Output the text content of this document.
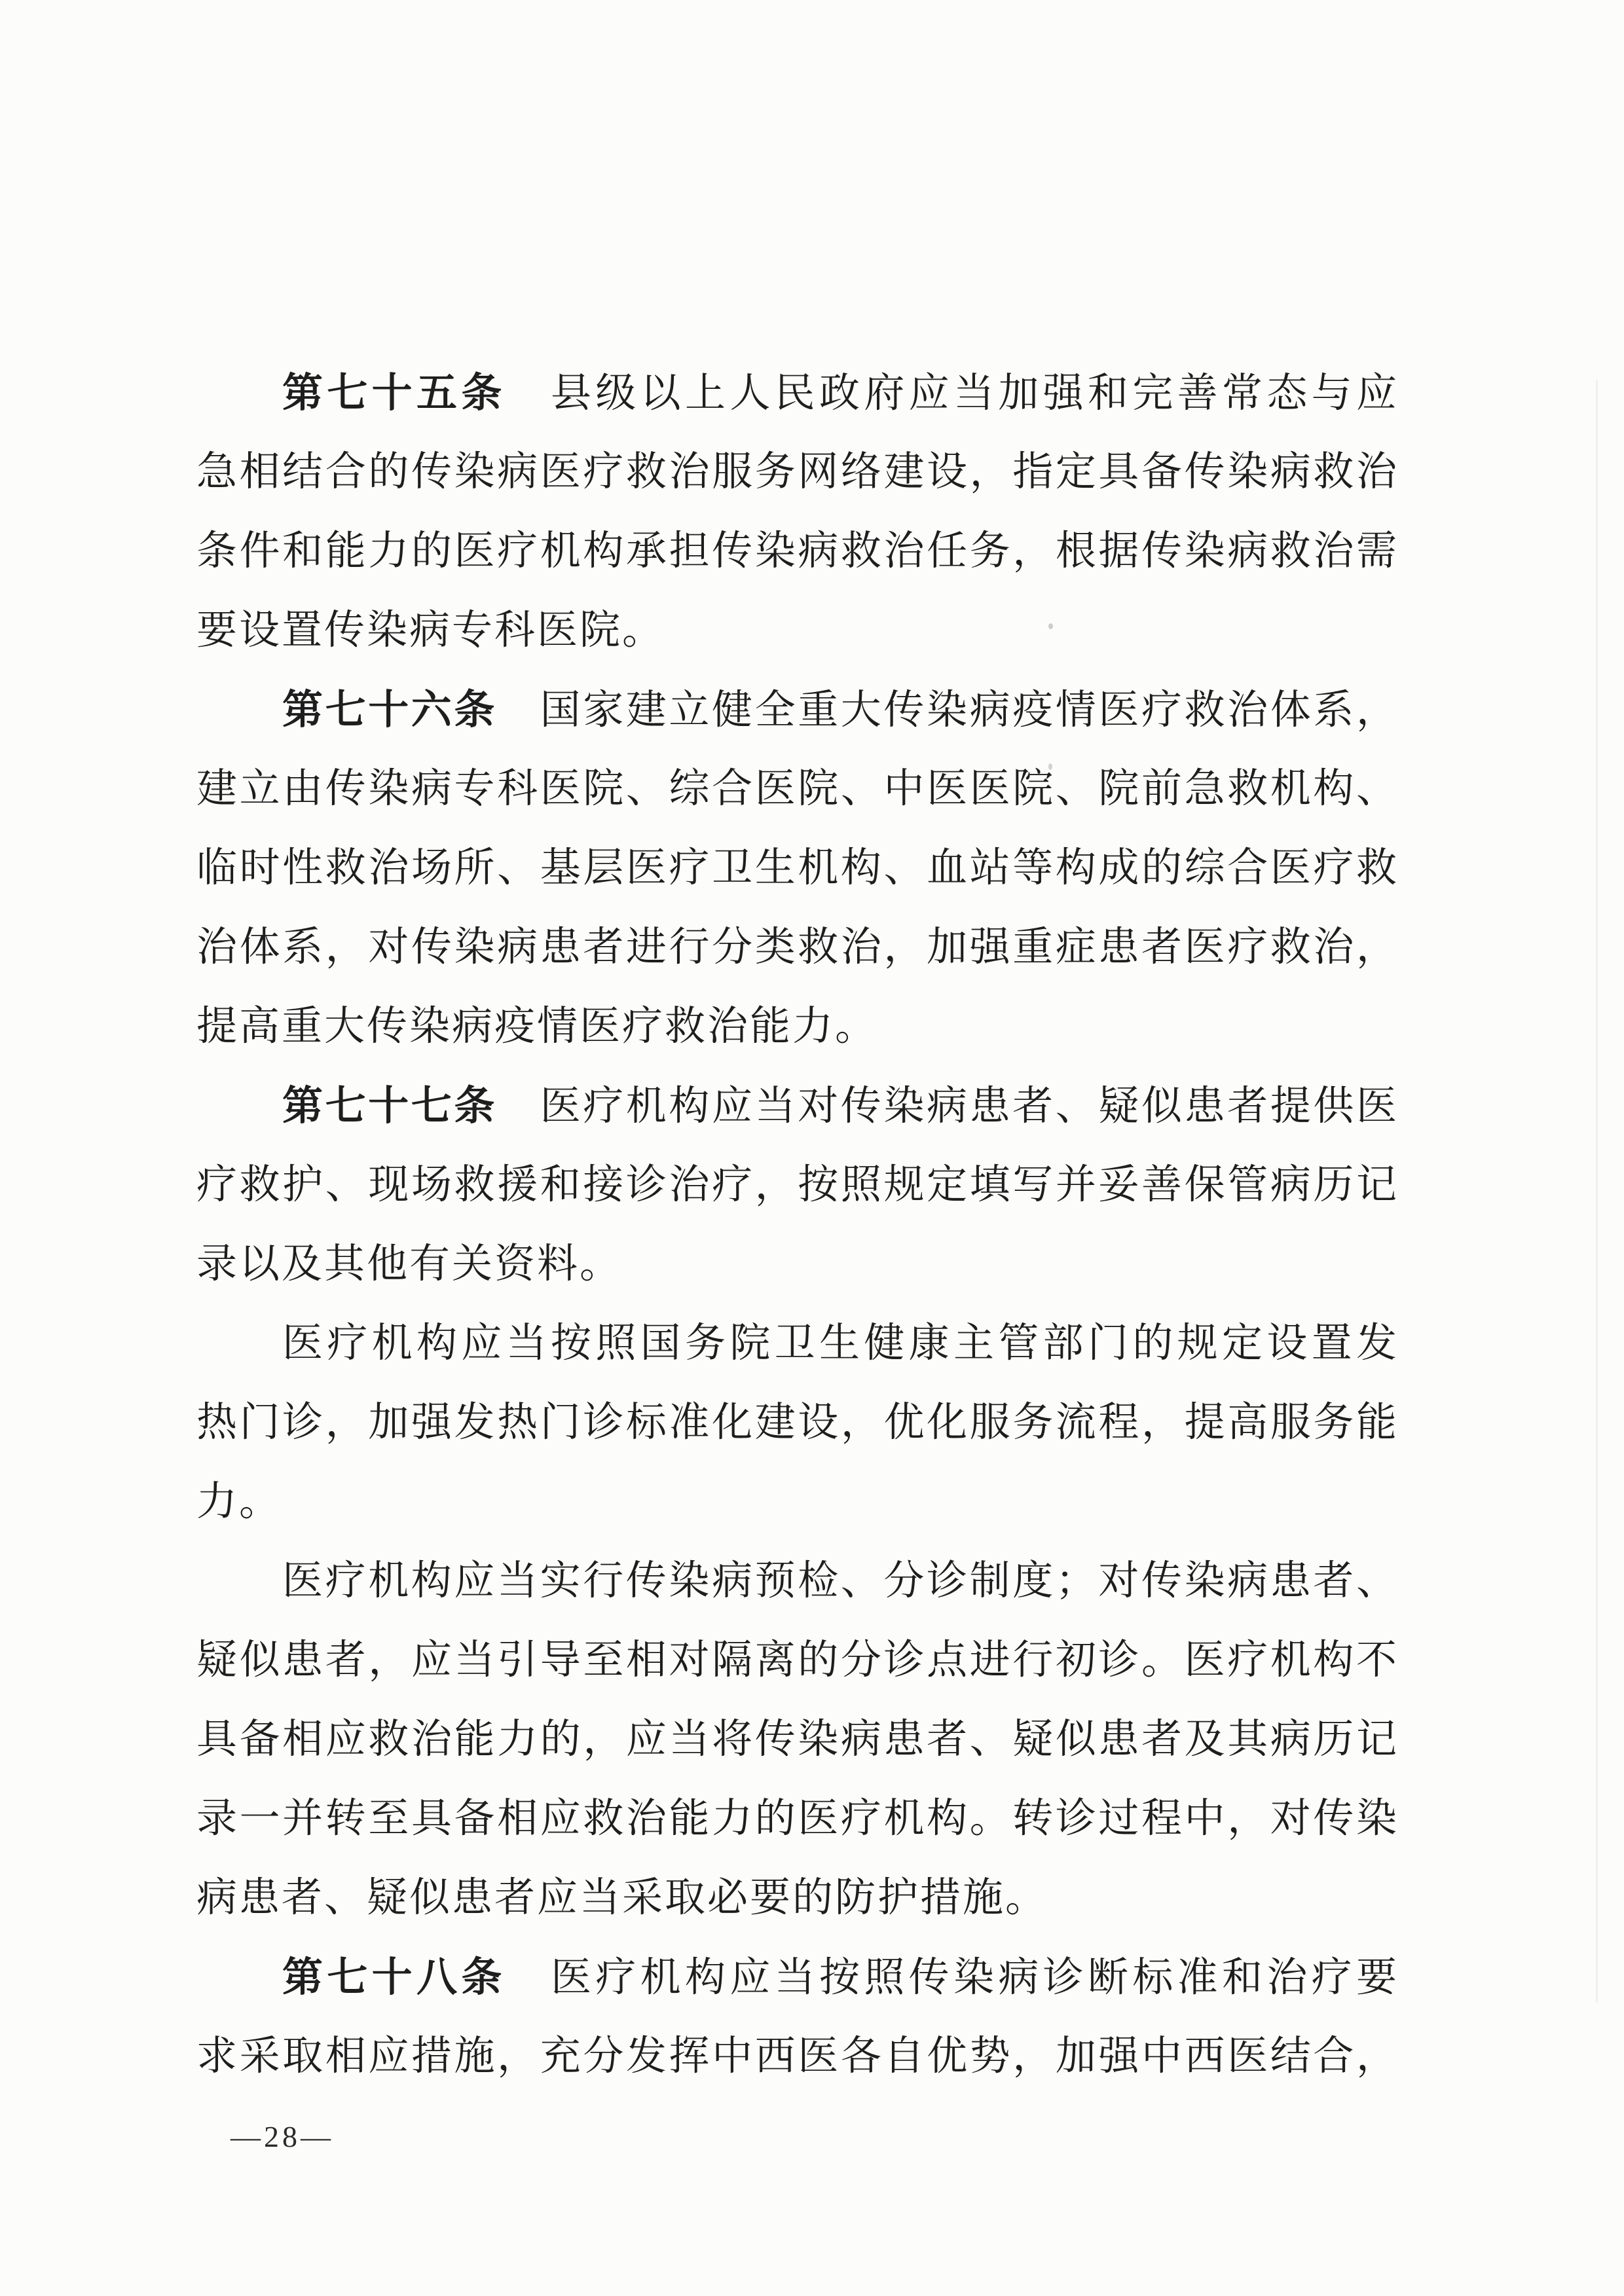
第七十五条　县级以上人民政府应当加强和完善常态与应
急相结合的传染病医疗救治服务网络建设，指定具备传染病救治
条件和能力的医疗机构承担传染病救治任务，根据传染病救治需
要设置传染病专科医院。
第七十六条　国家建立健全重大传染病疫情医疗救治体系，
建立由传染病专科医院、综合医院、中医医院、院前急救机构、
临时性救治场所、基层医疗卫生机构、血站等构成的综合医疗救
治体系，对传染病患者进行分类救治，加强重症患者医疗救治，
提高重大传染病疫情医疗救治能力。
第七十七条　医疗机构应当对传染病患者、疑似患者提供医
疗救护、现场救援和接诊治疗，按照规定填写并妥善保管病历记
录以及其他有关资料。
医疗机构应当按照国务院卫生健康主管部门的规定设置发
热门诊，加强发热门诊标准化建设，优化服务流程，提高服务能
力。
医疗机构应当实行传染病预检、分诊制度；对传染病患者、
疑似患者，应当引导至相对隔离的分诊点进行初诊。医疗机构不
具备相应救治能力的，应当将传染病患者、疑似患者及其病历记
录一并转至具备相应救治能力的医疗机构。转诊过程中，对传染
病患者、疑似患者应当采取必要的防护措施。
第七十八条　医疗机构应当按照传染病诊断标准和治疗要
求采取相应措施，充分发挥中西医各自优势，加强中西医结合，
—28—
